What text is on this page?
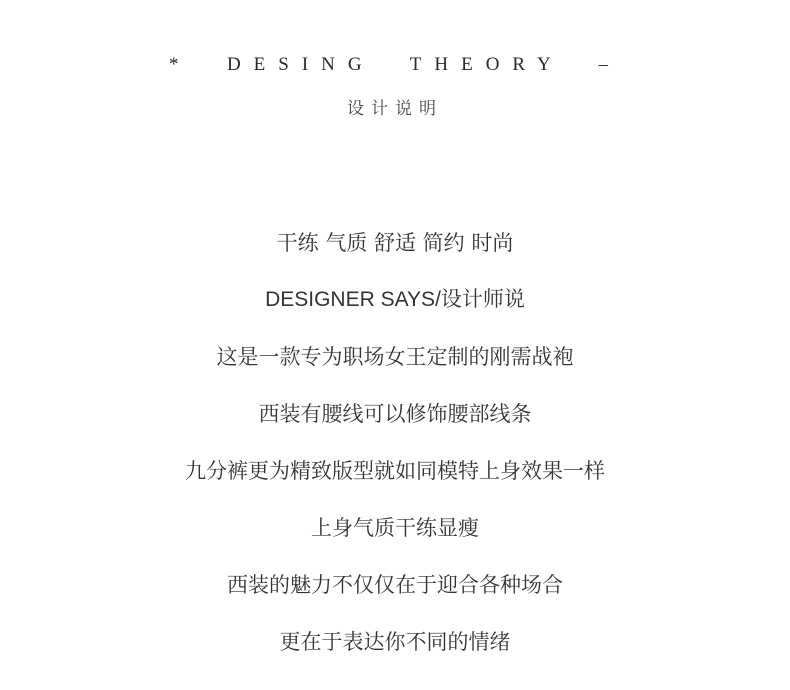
*  DESING  THEORY  –
设计说明
干练 气质 舒适 简约 时尚
DESIGNER SAYS/设计师说
这是一款专为职场女王定制的刚需战袍
西装有腰线可以修饰腰部线条
九分裤更为精致版型就如同模特上身效果一样
上身气质干练显瘦
西装的魅力不仅仅在于迎合各种场合
更在于表达你不同的情绪
